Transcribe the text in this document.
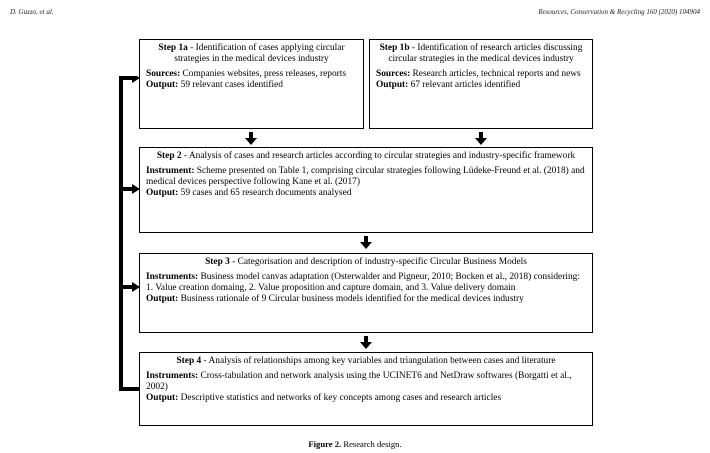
D. Guzzo, et al.	Resources, Conservation & Recycling 160 (2020) 104904

Step 1a - Identification of cases applying circular strategies in the medical devices industry

Sources: Companies websites, press releases, reports

Output: 59 relevant cases identified

Step 1b - Identification of research articles discussing circular strategies in the medical devices industry

Sources: Research articles, technical reports and news

Output: 67 relevant articles identified

Step 2 - Analysis of cases and research articles according to circular strategies and industry-specific framework

Instrument: Scheme presented on Table 1, comprising circular strategies following Lüdeke-Freund et al. (2018) and medical devices perspective following Kane et al. (2017)

Output: 59 cases and 65 research documents analysed

Step 3 - Categorisation and description of industry-specific Circular Business Models

Instruments: Business model canvas adaptation (Osterwalder and Pigneur, 2010; Bocken et al., 2018) considering: 1. Value creation domaing, 2. Value proposition and capture domain, and 3. Value delivery domain

Output: Business rationale of 9 Circular business models identified for the medical devices industry

Step 4 - Analysis of relationships among key variables and triangulation between cases and literature

Instruments: Cross-tabulation and network analysis using the UCINET6 and NetDraw softwares (Borgatti et al., 2002)

Output: Descriptive statistics and networks of key concepts among cases and research articles

Figure 2. Research design.
